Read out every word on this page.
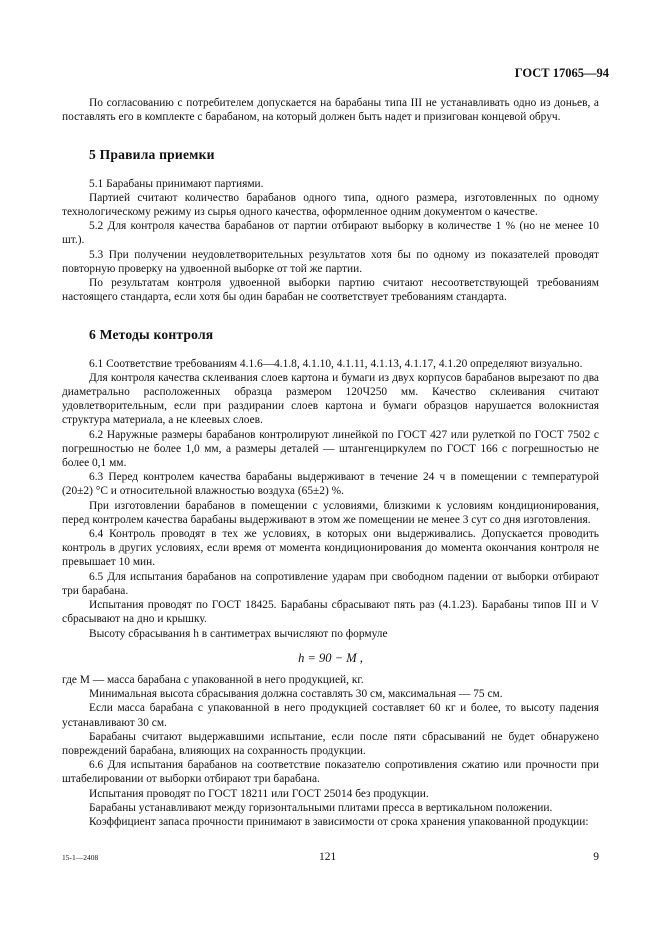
ГОСТ 17065—94

По согласованию с потребителем допускается на барабаны типа III не устанавливать одно из доньев, а поставлять его в комплекте с барабаном, на который должен быть надет и призигован концевой обруч.

5 Правила приемки

5.1 Барабаны принимают партиями.

Партией считают количество барабанов одного типа, одного размера, изготовленных по одному технологическому режиму из сырья одного качества, оформленное одним документом о качестве.

5.2 Для контроля качества барабанов от партии отбирают выборку в количестве 1 % (но не менее 10 шт.).

5.3 При получении неудовлетворительных результатов хотя бы по одному из показателей проводят повторную проверку на удвоенной выборке от той же партии.

По результатам контроля удвоенной выборки партию считают несоответствующей требованиям настоящего стандарта, если хотя бы один барабан не соответствует требованиям стандарта.

6 Методы контроля

6.1 Соответствие требованиям 4.1.6—4.1.8, 4.1.10, 4.1.11, 4.1.13, 4.1.17, 4.1.20 определяют визуально.

Для контроля качества склеивания слоев картона и бумаги из двух корпусов барабанов вырезают по два диаметрально расположенных образца размером 120Ч250 мм. Качество склеивания считают удовлетворительным, если при раздирании слоев картона и бумаги образцов нарушается волокнистая структура материала, а не клеевых слоев.

6.2 Наружные размеры барабанов контролируют линейкой по ГОСТ 427 или рулеткой по ГОСТ 7502 с погрешностью не более 1,0 мм, а размеры деталей — штангенциркулем по ГОСТ 166 с погрешностью не более 0,1 мм.

6.3 Перед контролем качества барабаны выдерживают в течение 24 ч в помещении с температурой (20±2) °С и относительной влажностью воздуха (65±2) %.

При изготовлении барабанов в помещении с условиями, близкими к условиям кондиционирования, перед контролем качества барабаны выдерживают в этом же помещении не менее 3 сут со дня изготовления.

6.4 Контроль проводят в тех же условиях, в которых они выдерживались. Допускается проводить контроль в других условиях, если время от момента кондиционирования до момента окончания контроля не превышает 10 мин.

6.5 Для испытания барабанов на сопротивление ударам при свободном падении от выборки отбирают три барабана.

Испытания проводят по ГОСТ 18425. Барабаны сбрасывают пять раз (4.1.23). Барабаны типов III и V сбрасывают на дно и крышку.

Высоту сбрасывания h в сантиметрах вычисляют по формуле

h = 90 − M ,

где M — масса барабана с упакованной в него продукцией, кг.

Минимальная высота сбрасывания должна составлять 30 см, максимальная — 75 см.

Если масса барабана с упакованной в него продукцией составляет 60 кг и более, то высоту падения устанавливают 30 см.

Барабаны считают выдержавшими испытание, если после пяти сбрасываний не будет обнаружено повреждений барабана, влияющих на сохранность продукции.

6.6 Для испытания барабанов на соответствие показателю сопротивления сжатию или прочности при штабелировании от выборки отбирают три барабана.

Испытания проводят по ГОСТ 18211 или ГОСТ 25014 без продукции.

Барабаны устанавливают между горизонтальными плитами пресса в вертикальном положении.

Коэффициент запаса прочности принимают в зависимости от срока хранения упакованной продукции:

15-1—2408	121	9
